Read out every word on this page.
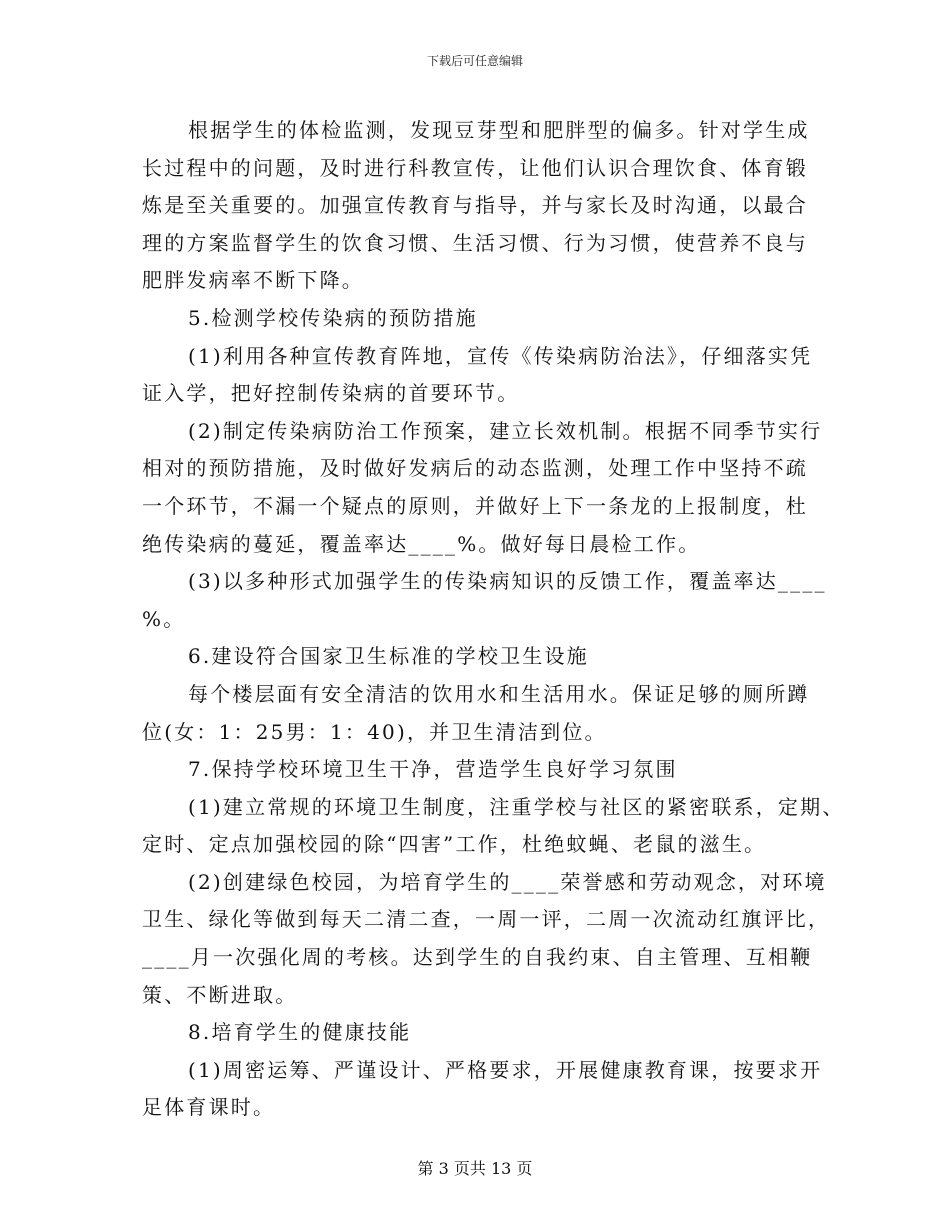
下载后可任意编辑
根据学生的体检监测，发现豆芽型和肥胖型的偏多。针对学生成
长过程中的问题，及时进行科教宣传，让他们认识合理饮食、体育锻
炼是至关重要的。加强宣传教育与指导，并与家长及时沟通，以最合
理的方案监督学生的饮食习惯、生活习惯、行为习惯，使营养不良与
肥胖发病率不断下降。
5.检测学校传染病的预防措施
(1)利用各种宣传教育阵地，宣传《传染病防治法》，仔细落实凭
证入学，把好控制传染病的首要环节。
(2)制定传染病防治工作预案，建立长效机制。根据不同季节实行
相对的预防措施，及时做好发病后的动态监测，处理工作中坚持不疏
一个环节，不漏一个疑点的原则，并做好上下一条龙的上报制度，杜
绝传染病的蔓延，覆盖率达____%。做好每日晨检工作。
(3)以多种形式加强学生的传染病知识的反馈工作，覆盖率达____
%。
6.建设符合国家卫生标准的学校卫生设施
每个楼层面有安全清洁的饮用水和生活用水。保证足够的厕所蹲
位(女：1：25男：1：40)，并卫生清洁到位。
7.保持学校环境卫生干净，营造学生良好学习氛围
(1)建立常规的环境卫生制度，注重学校与社区的紧密联系，定期、
定时、定点加强校园的除“四害”工作，杜绝蚊蝇、老鼠的滋生。
(2)创建绿色校园，为培育学生的____荣誉感和劳动观念，对环境
卫生、绿化等做到每天二清二查，一周一评，二周一次流动红旗评比，
____月一次强化周的考核。达到学生的自我约束、自主管理、互相鞭
策、不断进取。
8.培育学生的健康技能
(1)周密运筹、严谨设计、严格要求，开展健康教育课，按要求开
足体育课时。
第 3 页共 13 页
